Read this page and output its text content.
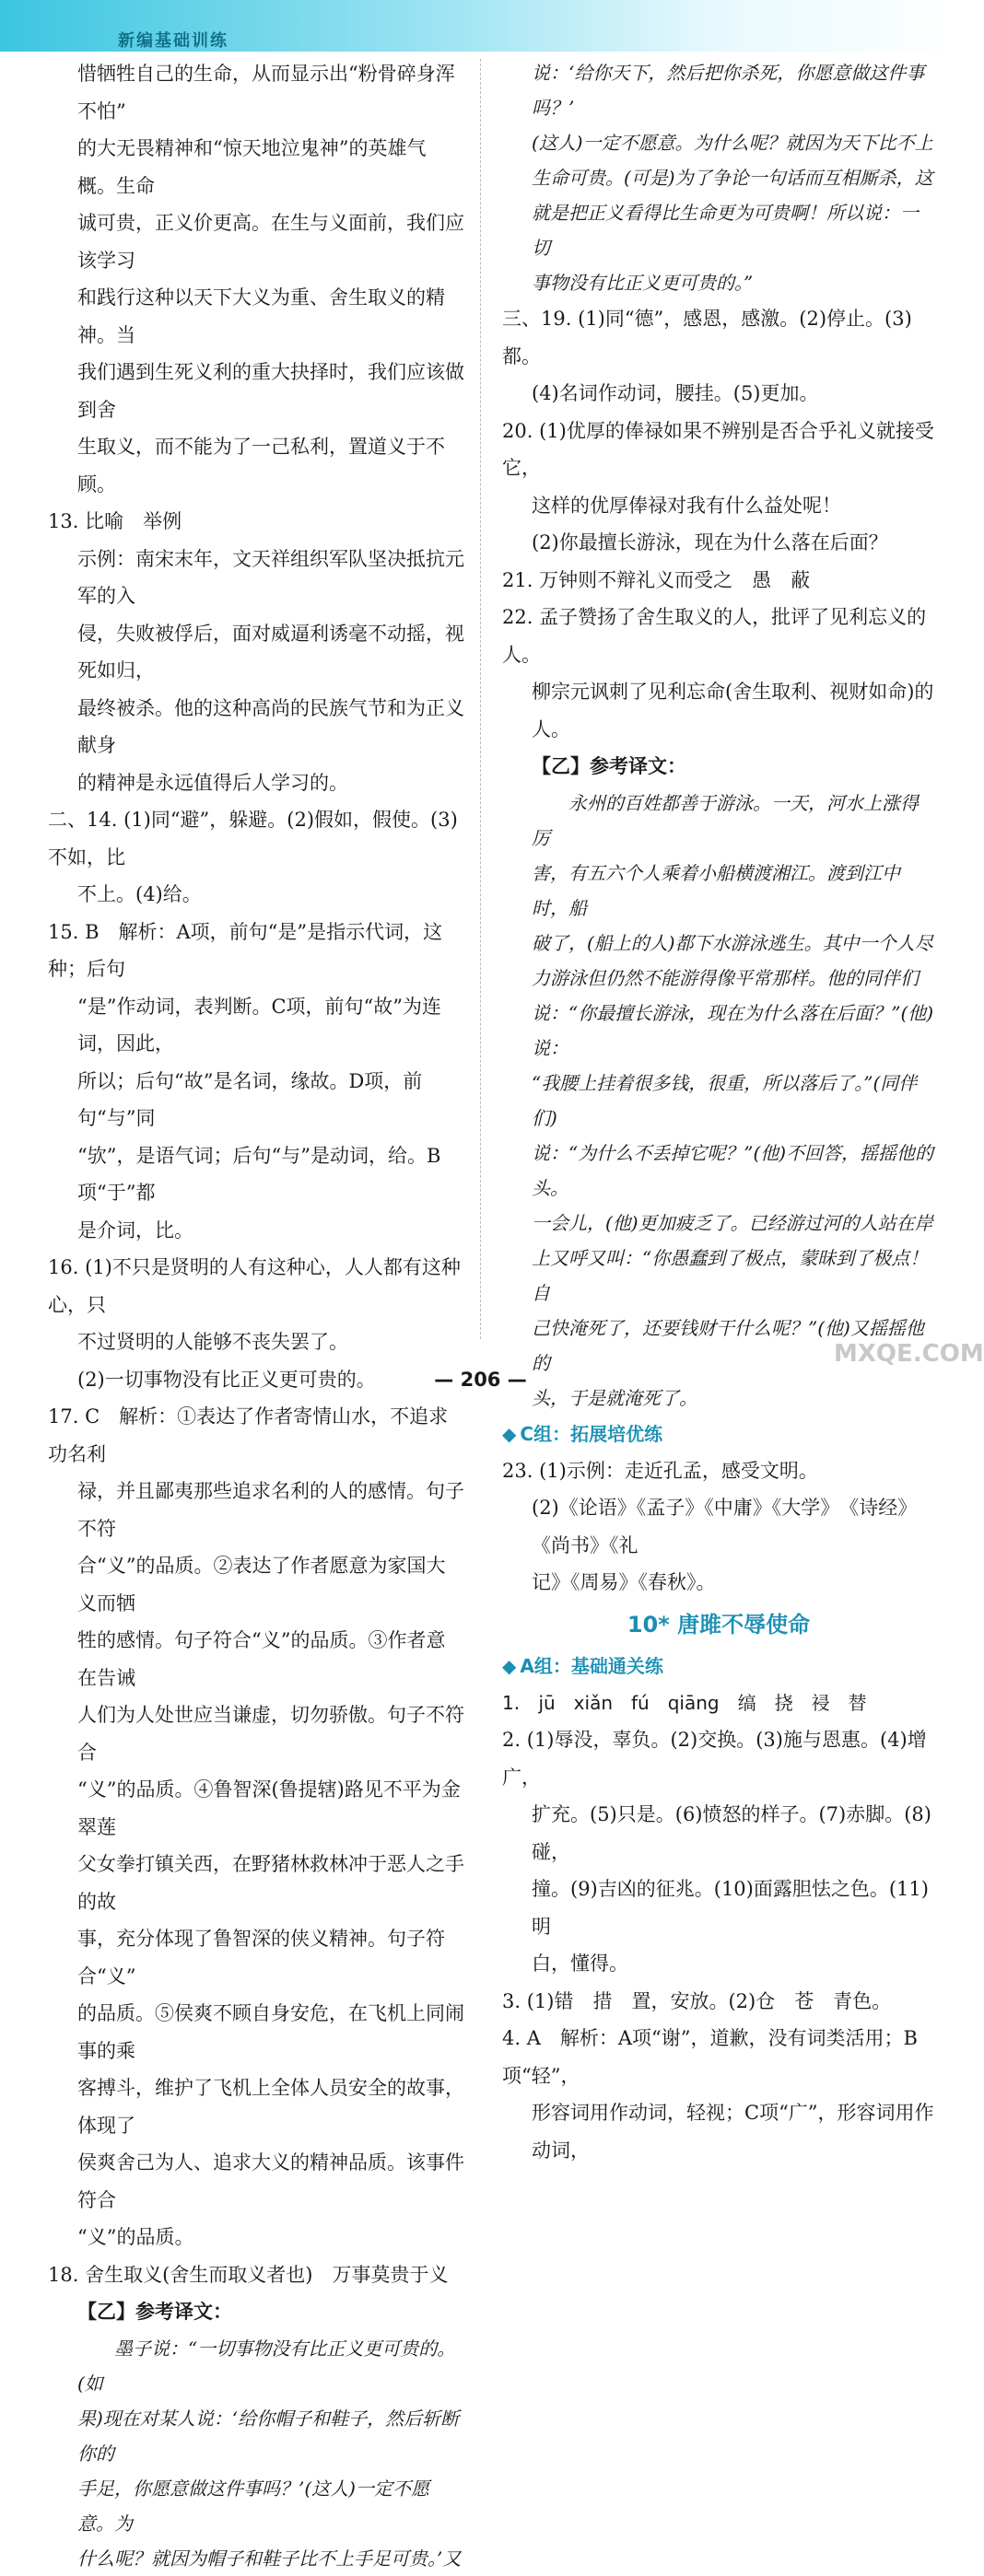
新编基础训练

惜牺牲自己的生命，从而显示出“粉骨碎身浑不怕”

的大无畏精神和“惊天地泣鬼神”的英雄气概。生命

诚可贵，正义价更高。在生与义面前，我们应该学习

和践行这种以天下大义为重、舍生取义的精神。当

我们遇到生死义利的重大抉择时，我们应该做到舍

生取义，而不能为了一己私利，置道义于不顾。

13. 比喻　举例

示例：南宋末年，文天祥组织军队坚决抵抗元军的入

侵，失败被俘后，面对威逼利诱毫不动摇，视死如归，

最终被杀。他的这种高尚的民族气节和为正义献身

的精神是永远值得后人学习的。

二、14. (1)同“避”，躲避。(2)假如，假使。(3)不如，比

不上。(4)给。

15. B　解析：A项，前句“是”是指示代词，这种；后句

“是”作动词，表判断。C项，前句“故”为连词，因此，

所以；后句“故”是名词，缘故。D项，前句“与”同

“欤”，是语气词；后句“与”是动词，给。B项“于”都

是介词，比。

16. (1)不只是贤明的人有这种心，人人都有这种心，只

不过贤明的人能够不丧失罢了。

(2)一切事物没有比正义更可贵的。

17. C　解析：①表达了作者寄情山水，不追求功名利

禄，并且鄙夷那些追求名利的人的感情。句子不符

合“义”的品质。②表达了作者愿意为家国大义而牺

牲的感情。句子符合“义”的品质。③作者意在告诫

人们为人处世应当谦虚，切勿骄傲。句子不符合

“义”的品质。④鲁智深(鲁提辖)路见不平为金翠莲

父女拳打镇关西，在野猪林救林冲于恶人之手的故

事，充分体现了鲁智深的侠义精神。句子符合“义”

的品质。⑤侯爽不顾自身安危，在飞机上同闹事的乘

客搏斗，维护了飞机上全体人员安全的故事，体现了

侯爽舍己为人、追求大义的精神品质。该事件符合

“义”的品质。

18. 舍生取义(舍生而取义者也)　万事莫贵于义

【乙】参考译文：

墨子说：“一切事物没有比正义更可贵的。(如

果)现在对某人说：‘给你帽子和鞋子，然后斩断你的

手足，你愿意做这件事吗？’(这人)一定不愿意。为

什么呢？就因为帽子和鞋子比不上手足可贵。’又

说：‘给你天下，然后把你杀死，你愿意做这件事吗？’

(这人)一定不愿意。为什么呢？就因为天下比不上

生命可贵。(可是)为了争论一句话而互相厮杀，这

就是把正义看得比生命更为可贵啊！所以说：一切

事物没有比正义更可贵的。”

三、19. (1)同“德”，感恩，感激。(2)停止。(3)都。

(4)名词作动词，腰挂。(5)更加。

20. (1)优厚的俸禄如果不辨别是否合乎礼义就接受它，

这样的优厚俸禄对我有什么益处呢！

(2)你最擅长游泳，现在为什么落在后面？

21. 万钟则不辩礼义而受之　愚　蔽

22. 孟子赞扬了舍生取义的人，批评了见利忘义的人。

柳宗元讽刺了见利忘命(舍生取利、视财如命)的人。

【乙】参考译文：

永州的百姓都善于游泳。一天，河水上涨得厉

害，有五六个人乘着小船横渡湘江。渡到江中时，船

破了，(船上的人)都下水游泳逃生。其中一个人尽

力游泳但仍然不能游得像平常那样。他的同伴们

说：“你最擅长游泳，现在为什么落在后面？”(他)说：

“我腰上挂着很多钱，很重，所以落后了。”(同伴们)

说：“为什么不丢掉它呢？”(他)不回答，摇摇他的头。

一会儿，(他)更加疲乏了。已经游过河的人站在岸

上又呼又叫：“你愚蠢到了极点，蒙昧到了极点！自

己快淹死了，还要钱财干什么呢？”(他)又摇摇他的

头，于是就淹死了。

◆ C组：拓展培优练

23. (1)示例：走近孔孟，感受文明。

(2)《论语》《孟子》《中庸》《大学》　《诗经》《尚书》《礼

记》《周易》《春秋》。

10* 唐雎不辱使命
◆ A组：基础通关练

1. jū　xiǎn　fú　qiāng　缟　挠　祲　替

2. (1)辱没，辜负。(2)交换。(3)施与恩惠。(4)增广，

扩充。(5)只是。(6)愤怒的样子。(7)赤脚。(8)碰，

撞。(9)吉凶的征兆。(10)面露胆怯之色。(11)明

白，懂得。

3. (1)错　措　置，安放。(2)仓　苍　青色。

4. A　解析：A项“谢”，道歉，没有词类活用；B项“轻”，

形容词用作动词，轻视；C项“广”，形容词用作动词，

— 206 —
MXQE.COM
